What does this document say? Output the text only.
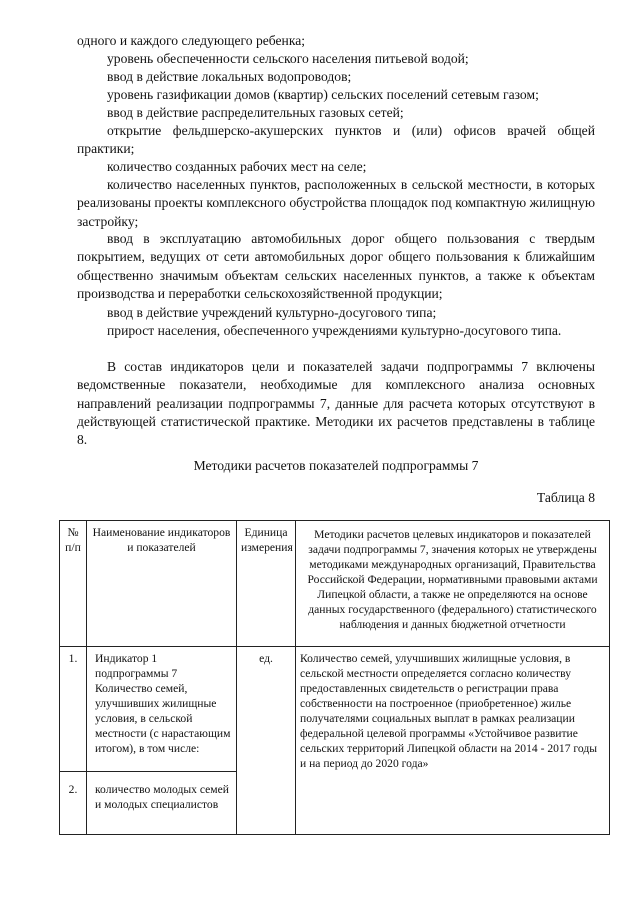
одного и каждого следующего ребенка;
уровень обеспеченности сельского населения питьевой водой;
ввод в действие локальных водопроводов;
уровень газификации домов (квартир) сельских поселений сетевым газом;
ввод в действие распределительных газовых сетей;
открытие фельдшерско-акушерских пунктов и (или) офисов врачей общей практики;
количество созданных рабочих мест на селе;
количество населенных пунктов, расположенных в сельской местности, в которых реализованы проекты комплексного обустройства площадок под компактную жилищную застройку;
ввод в эксплуатацию автомобильных дорог общего пользования с твердым покрытием, ведущих от сети автомобильных дорог общего пользования к ближайшим общественно значимым объектам сельских населенных пунктов, а также к объектам производства и переработки сельскохозяйственной продукции;
ввод в действие учреждений культурно-досугового типа;
прирост населения, обеспеченного учреждениями культурно-досугового типа.
В состав индикаторов цели и показателей задачи подпрограммы 7 включены ведомственные показатели, необходимые для комплексного анализа основных направлений реализации подпрограммы 7, данные для расчета которых отсутствуют в действующей статистической практике. Методики их расчетов представлены в таблице 8.
Методики расчетов показателей подпрограммы 7
Таблица 8
№ п/п	Наименование индикаторов и показателей	Единица измерения	Методики расчетов целевых индикаторов и показателей задачи подпрограммы 7, значения которых не утверждены методиками международных организаций, Правительства Российской Федерации, нормативными правовыми актами Липецкой области, а также не определяются на основе данных государственного (федерального) статистического наблюдения и данных бюджетной отчетности
1.	Индикатор 1 подпрограммы 7 Количество семей, улучшивших жилищные условия, в сельской местности (с нарастающим итогом), в том числе:	ед.	Количество семей, улучшивших жилищные условия, в сельской местности определяется согласно количеству предоставленных свидетельств о регистрации права собственности на построенное (приобретенное) жилье получателями социальных выплат в рамках реализации федеральной целевой программы «Устойчивое развитие сельских территорий Липецкой области на 2014 - 2017 годы и на период до 2020 года»
2.	количество молодых семей и молодых специалистов		
